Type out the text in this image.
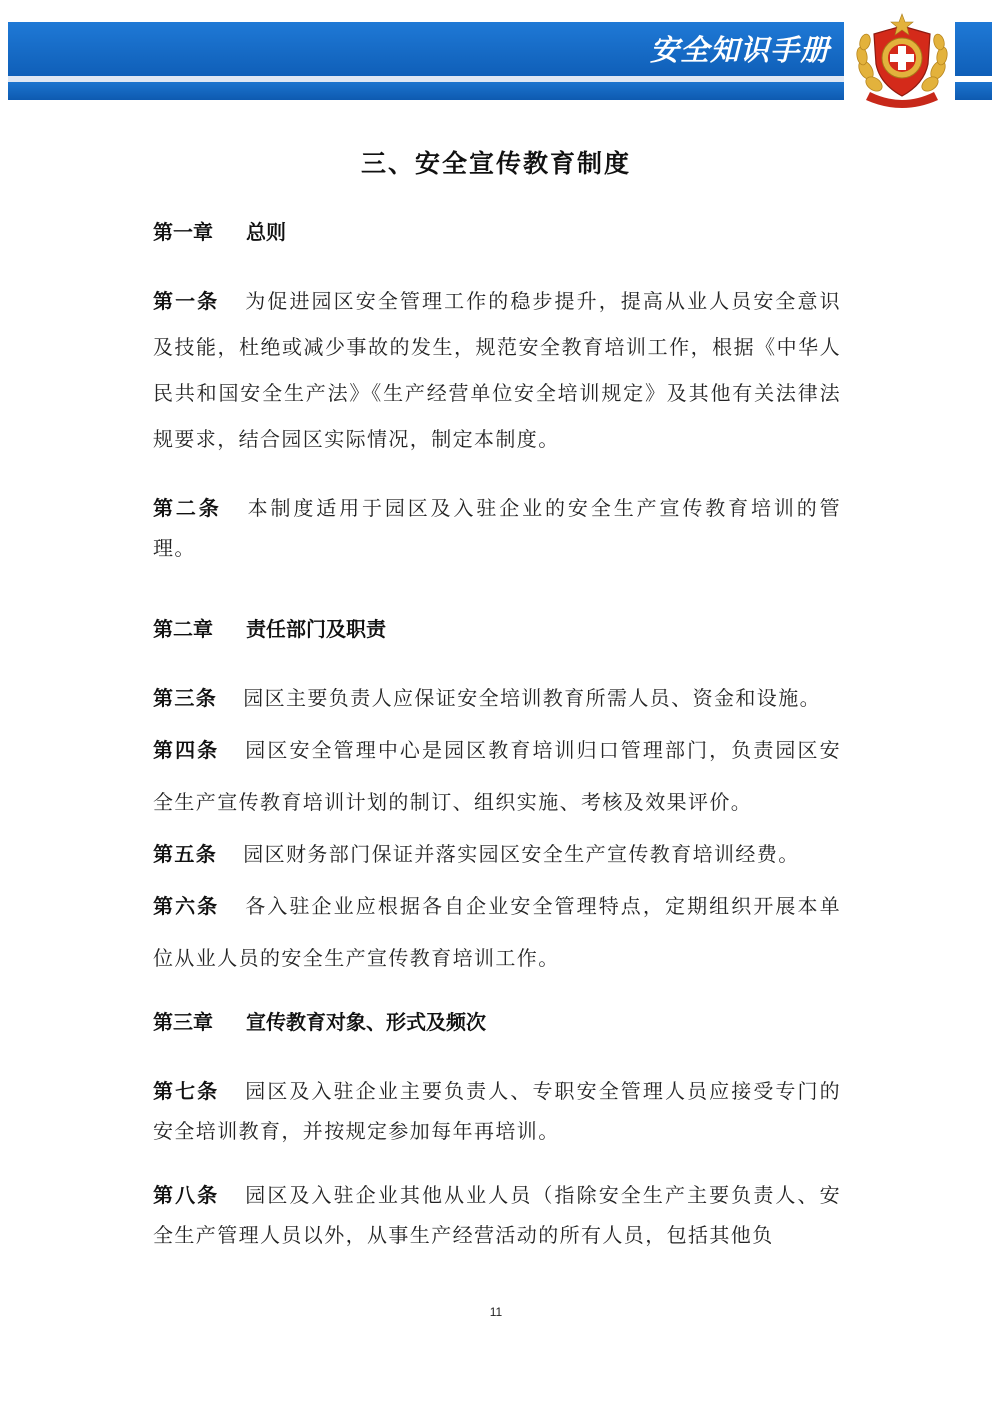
安全知识手册
三、安全宣传教育制度
第一章 总则
第一条 为促进园区安全管理工作的稳步提升，提高从业人员安全意识及技能，杜绝或减少事故的发生，规范安全教育培训工作，根据《中华人民共和国安全生产法》《生产经营单位安全培训规定》及其他有关法律法规要求，结合园区实际情况，制定本制度。
第二条 本制度适用于园区及入驻企业的安全生产宣传教育培训的管理。
第二章 责任部门及职责
第三条 园区主要负责人应保证安全培训教育所需人员、资金和设施。
第四条 园区安全管理中心是园区教育培训归口管理部门，负责园区安全生产宣传教育培训计划的制订、组织实施、考核及效果评价。
第五条 园区财务部门保证并落实园区安全生产宣传教育培训经费。
第六条 各入驻企业应根据各自企业安全管理特点，定期组织开展本单位从业人员的安全生产宣传教育培训工作。
第三章 宣传教育对象、形式及频次
第七条 园区及入驻企业主要负责人、专职安全管理人员应接受专门的安全培训教育，并按规定参加每年再培训。
第八条 园区及入驻企业其他从业人员（指除安全生产主要负责人、安全生产管理人员以外，从事生产经营活动的所有人员，包括其他负
11
